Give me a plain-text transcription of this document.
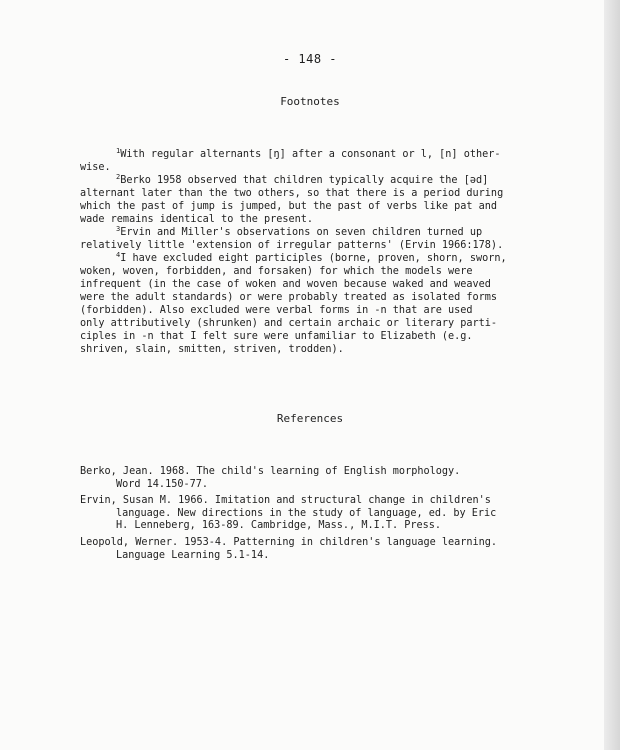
- 148 -
Footnotes
$^1$With regular alternants [ŋ] after a consonant or l, [n] other-
wise.
$^2$Berko 1958 observed that children typically acquire the [əd]
alternant later than the two others, so that there is a period during
which the past of jump is jumped, but the past of verbs like pat and
wade remains identical to the present.
$^3$Ervin and Miller's observations on seven children turned up
relatively little 'extension of irregular patterns' (Ervin 1966:178).
$^4$I have excluded eight participles (borne, proven, shorn, sworn,
woken, woven, forbidden, and forsaken) for which the models were
infrequent (in the case of woken and woven because waked and weaved
were the adult standards) or were probably treated as isolated forms
(forbidden). Also excluded were verbal forms in -n that are used
only attributively (shrunken) and certain archaic or literary parti-
ciples in -n that I felt sure were unfamiliar to Elizabeth (e.g.
shriven, slain, smitten, striven, trodden).
References
Berko, Jean. 1968. The child's learning of English morphology.
Word 14.150-77.
Ervin, Susan M. 1966. Imitation and structural change in children's
language. New directions in the study of language, ed. by Eric
H. Lenneberg, 163-89. Cambridge, Mass., M.I.T. Press.
Leopold, Werner. 1953-4. Patterning in children's language learning.
Language Learning 5.1-14.
